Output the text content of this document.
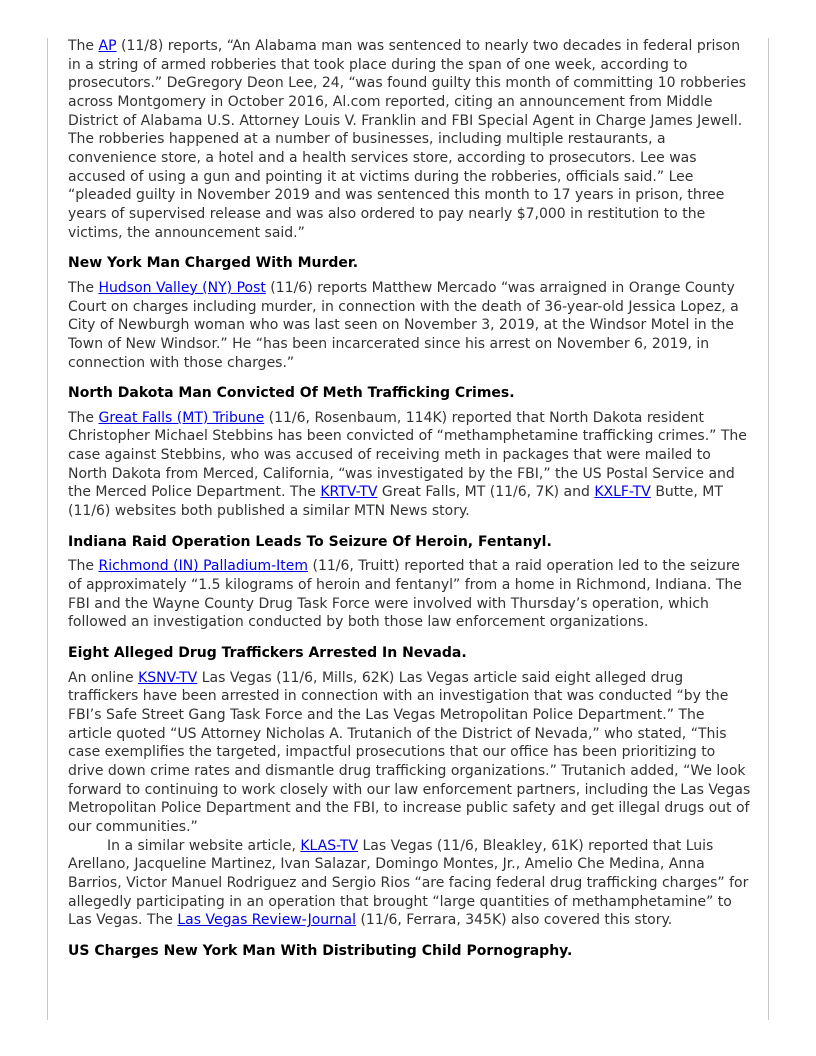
The AP (11/8) reports, “An Alabama man was sentenced to nearly two decades in federal prison in a string of armed robberies that took place during the span of one week, according to prosecutors.” DeGregory Deon Lee, 24, “was found guilty this month of committing 10 robberies across Montgomery in October 2016, Al.com reported, citing an announcement from Middle District of Alabama U.S. Attorney Louis V. Franklin and FBI Special Agent in Charge James Jewell. The robberies happened at a number of businesses, including multiple restaurants, a convenience store, a hotel and a health services store, according to prosecutors. Lee was accused of using a gun and pointing it at victims during the robberies, officials said.” Lee “pleaded guilty in November 2019 and was sentenced this month to 17 years in prison, three years of supervised release and was also ordered to pay nearly $7,000 in restitution to the victims, the announcement said.”

New York Man Charged With Murder.

The Hudson Valley (NY) Post (11/6) reports Matthew Mercado “was arraigned in Orange County Court on charges including murder, in connection with the death of 36-year-old Jessica Lopez, a City of Newburgh woman who was last seen on November 3, 2019, at the Windsor Motel in the Town of New Windsor.” He “has been incarcerated since his arrest on November 6, 2019, in connection with those charges.”

North Dakota Man Convicted Of Meth Trafficking Crimes.

The Great Falls (MT) Tribune (11/6, Rosenbaum, 114K) reported that North Dakota resident Christopher Michael Stebbins has been convicted of “methamphetamine trafficking crimes.” The case against Stebbins, who was accused of receiving meth in packages that were mailed to North Dakota from Merced, California, “was investigated by the FBI,” the US Postal Service and the Merced Police Department. The KRTV-TV Great Falls, MT (11/6, 7K) and KXLF-TV Butte, MT (11/6) websites both published a similar MTN News story.

Indiana Raid Operation Leads To Seizure Of Heroin, Fentanyl.

The Richmond (IN) Palladium-Item (11/6, Truitt) reported that a raid operation led to the seizure of approximately “1.5 kilograms of heroin and fentanyl” from a home in Richmond, Indiana. The FBI and the Wayne County Drug Task Force were involved with Thursday’s operation, which followed an investigation conducted by both those law enforcement organizations.

Eight Alleged Drug Traffickers Arrested In Nevada.

An online KSNV-TV Las Vegas (11/6, Mills, 62K) Las Vegas article said eight alleged drug traffickers have been arrested in connection with an investigation that was conducted “by the FBI’s Safe Street Gang Task Force and the Las Vegas Metropolitan Police Department.” The article quoted “US Attorney Nicholas A. Trutanich of the District of Nevada,” who stated, “This case exemplifies the targeted, impactful prosecutions that our office has been prioritizing to drive down crime rates and dismantle drug trafficking organizations.” Trutanich added, “We look forward to continuing to work closely with our law enforcement partners, including the Las Vegas Metropolitan Police Department and the FBI, to increase public safety and get illegal drugs out of our communities.”

In a similar website article, KLAS-TV Las Vegas (11/6, Bleakley, 61K) reported that Luis Arellano, Jacqueline Martinez, Ivan Salazar, Domingo Montes, Jr., Amelio Che Medina, Anna Barrios, Victor Manuel Rodriguez and Sergio Rios “are facing federal drug trafficking charges” for allegedly participating in an operation that brought “large quantities of methamphetamine” to Las Vegas. The Las Vegas Review-Journal (11/6, Ferrara, 345K) also covered this story.

US Charges New York Man With Distributing Child Pornography.
